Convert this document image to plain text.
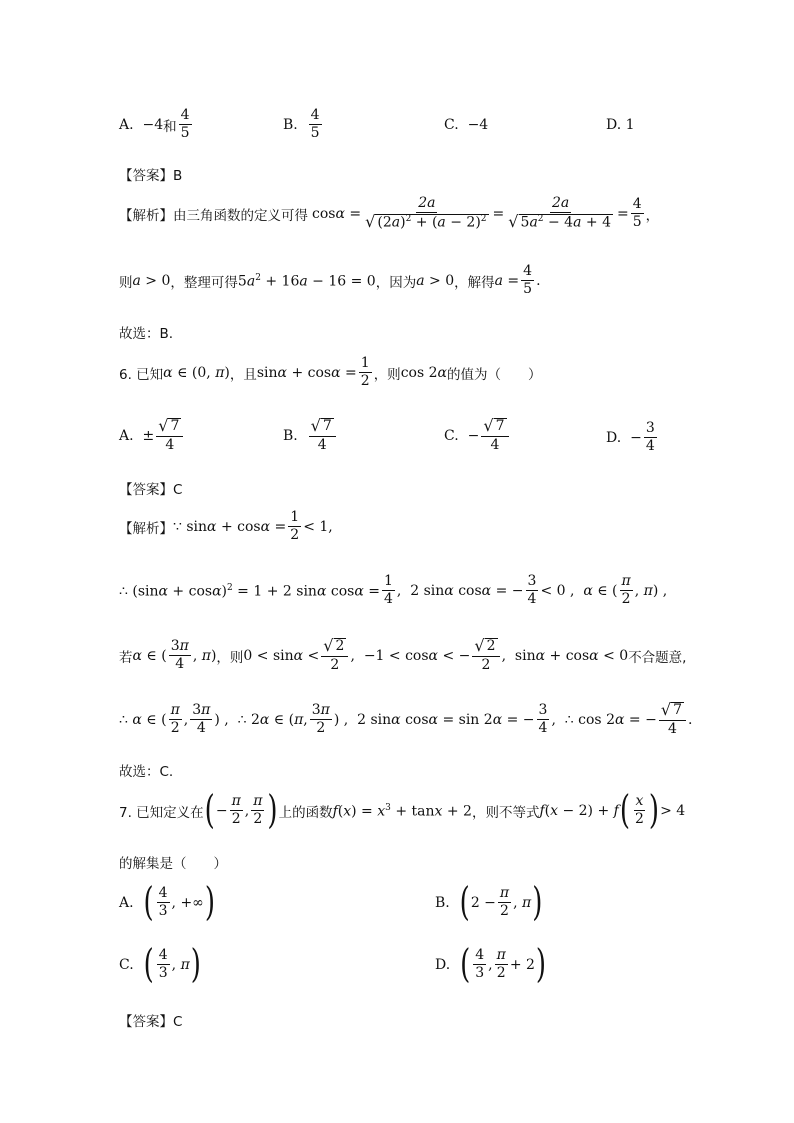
A.
−4 和 $\frac{4}{5}$	B.
$\frac{4}{5}$	C.
−4	D.
1
【答案】B
【解析】 由三角函数的定义可得 $\cos\alpha = \frac{2a}{√ (2a)^2 + (a - 2)^2} = \frac{2a}{√ 5a^2 - 4a + 4} = \frac{4}{5}$ ，
则 a > 0 ，整理可得 $5a^2 + 16a - 16 = 0$ ，因为 a > 0 ，解得 $a = \frac{4}{5}$ .
故选：B.
6. 已知 α ∈ (0, π) ，且 $\sin\alpha + \cos\alpha = \frac{1}{2}$ ，则 cos 2α 的值为（　　）
A. ± $\frac{√ 7}{4}$	B.
$\frac{√ 7}{4}$	C. − $\frac{√ 7}{4}$	D. − $\frac{3}{4}$
【答案】C
【解析】 ∵ $\sin\alpha + \cos\alpha = \frac{1}{2} < 1$,
∴ $(\sin\alpha + \cos\alpha)^2 = 1 + 2$ sinα $\cos\alpha = \frac{1}{4}$ ,  2 sinα cosα = − $\frac{3}{4} < 0$ ,  α ∈ ( $\frac{\pi}{2}$ , π) ,
若 α ∈ ( $\frac{3\pi}{4}$ , π) ，则 $0 < \sin\alpha < \frac{√ 2}{2}$ ,  −1 < cosα < − $\frac{√ 2}{2}$ ,  sinα + cosα < 0 不合题意,
∴ α ∈ ( $\frac{\pi}{2}$ , $\frac{3\pi}{4}$ ) ,  ∴ 2α ∈ (π, $\frac{3\pi}{2}$ ) ,  2 sinα cosα = sin 2α = − $\frac{3}{4}$ ,  ∴ cos 2α = − $\frac{√ 7}{4}$ .
故选：C.
7. 已知定义在 ( − $\frac{\pi}{2}$ , $\frac{\pi}{2}$ ) 上的函数 $f(x) = x^3 + \tan x + 2$ ，则不等式 f(x − 2) + f ( $\frac{x}{2}$ ) > 4
的解集是（　　）
A.
( $\frac{4}{3}$ , +∞ )	B.
( $2 - \frac{\pi}{2}$ , π )
C.
( $\frac{4}{3}$ , π )	D.
( $\frac{4}{3}$ , $\frac{\pi}{2} + 2$ )
【答案】C
